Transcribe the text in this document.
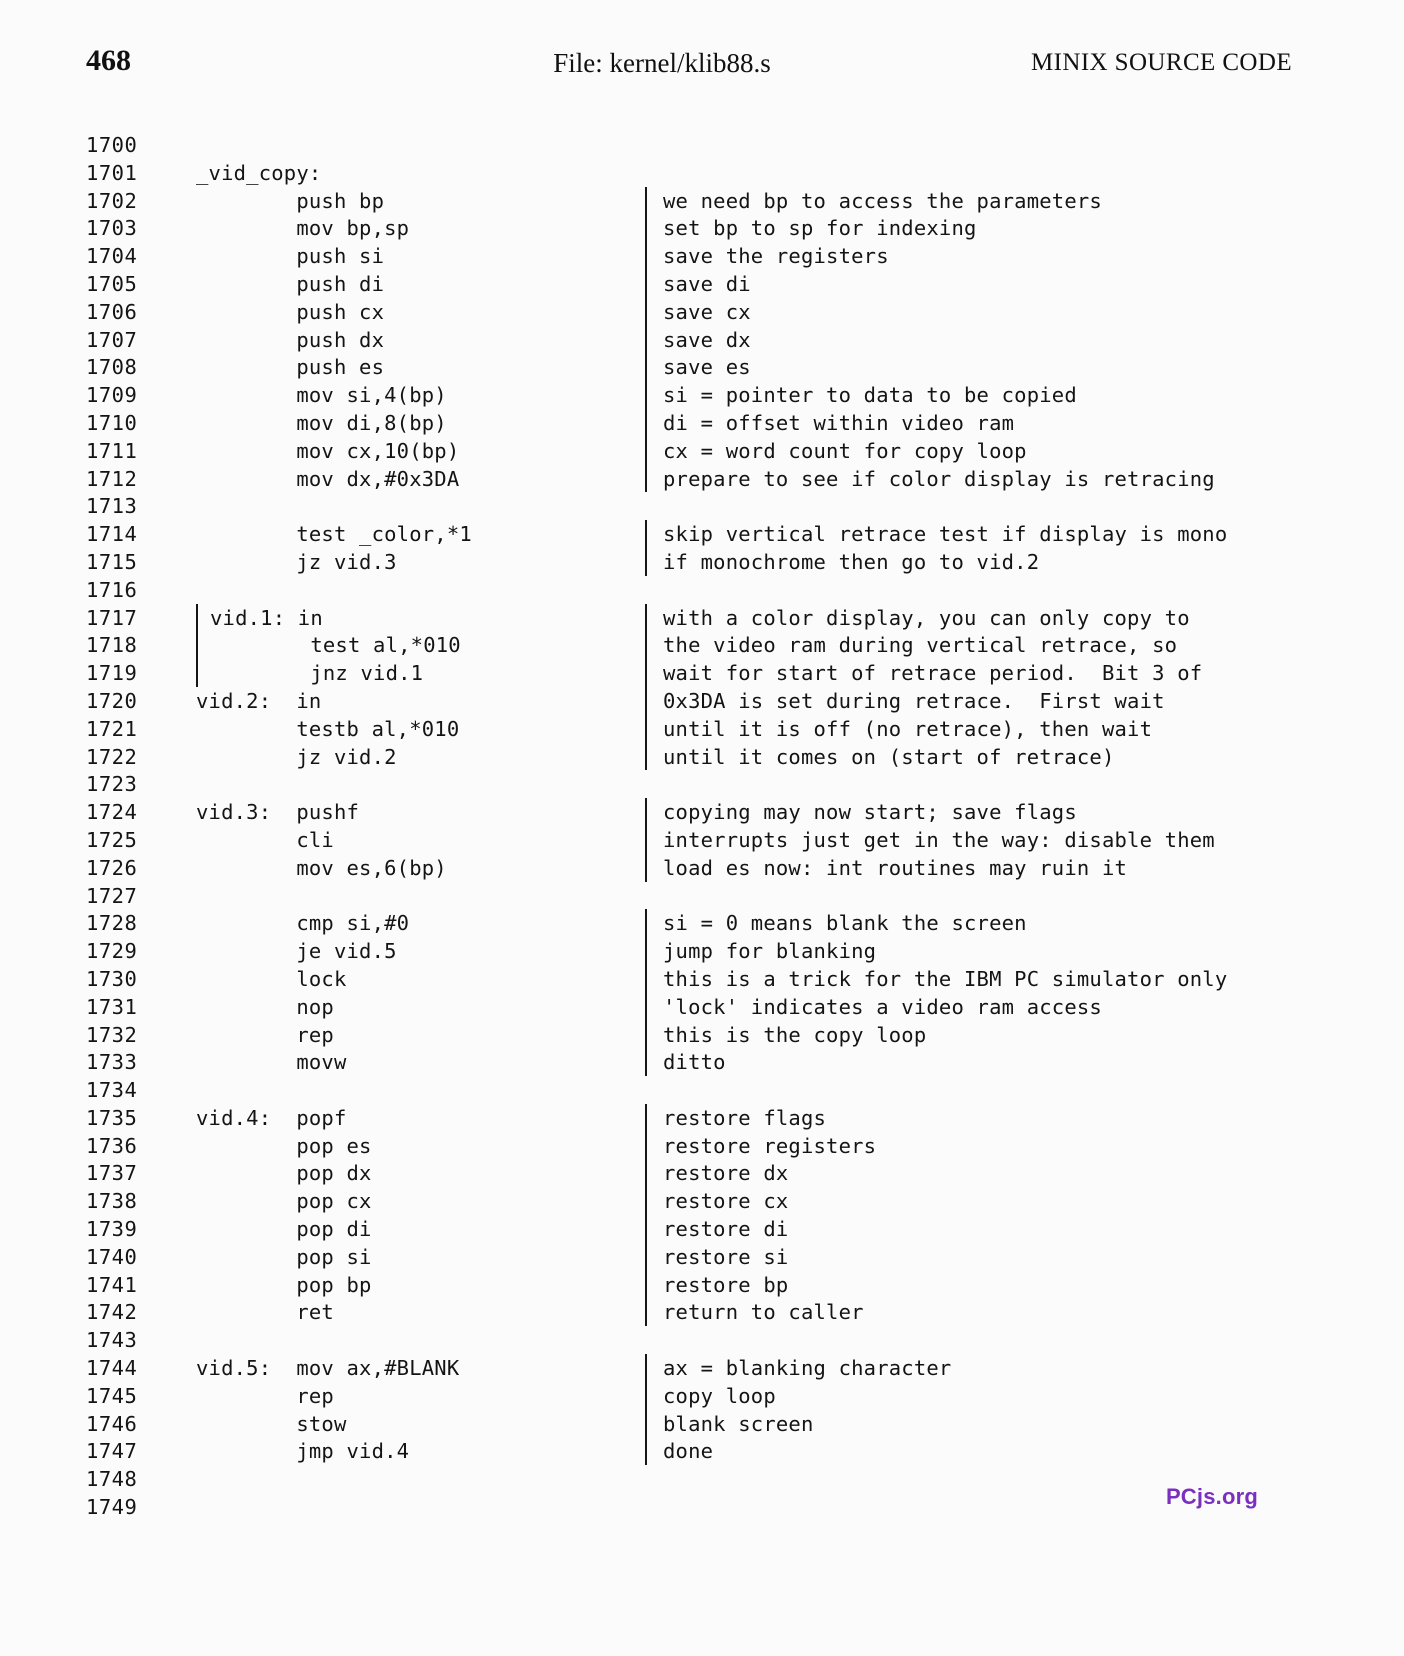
468	File: kernel/klib88.s	MINIX SOURCE CODE
1700
1701	_vid_copy:
1702	push bp	we need bp to access the parameters
1703	mov bp,sp	set bp to sp for indexing
1704	push si	save the registers
1705	push di	save di
1706	push cx	save cx
1707	push dx	save dx
1708	push es	save es
1709	mov si,4(bp)	si = pointer to data to be copied
1710	mov di,8(bp)	di = offset within video ram
1711	mov cx,10(bp)	cx = word count for copy loop
1712	mov dx,#0x3DA	prepare to see if color display is retracing
1713
1714	test _color,*1	skip vertical retrace test if display is mono
1715	jz vid.3	if monochrome then go to vid.2
1716
1717	vid.1: in	with a color display, you can only copy to
1718	test al,*010	the video ram during vertical retrace, so
1719	jnz vid.1	wait for start of retrace period.  Bit 3 of
1720	vid.2:  in	0x3DA is set during retrace.  First wait
1721	testb al,*010	until it is off (no retrace), then wait
1722	jz vid.2	until it comes on (start of retrace)
1723
1724	vid.3:  pushf	copying may now start; save flags
1725	cli	interrupts just get in the way: disable them
1726	mov es,6(bp)	load es now: int routines may ruin it
1727
1728	cmp si,#0	si = 0 means blank the screen
1729	je vid.5	jump for blanking
1730	lock	this is a trick for the IBM PC simulator only
1731	nop	'lock' indicates a video ram access
1732	rep	this is the copy loop
1733	movw	ditto
1734
1735	vid.4:  popf	restore flags
1736	pop es	restore registers
1737	pop dx	restore dx
1738	pop cx	restore cx
1739	pop di	restore di
1740	pop si	restore si
1741	pop bp	restore bp
1742	ret	return to caller
1743
1744	vid.5:  mov ax,#BLANK	ax = blanking character
1745	rep	copy loop
1746	stow	blank screen
1747	jmp vid.4	done
1748
1749	PCjs.org
